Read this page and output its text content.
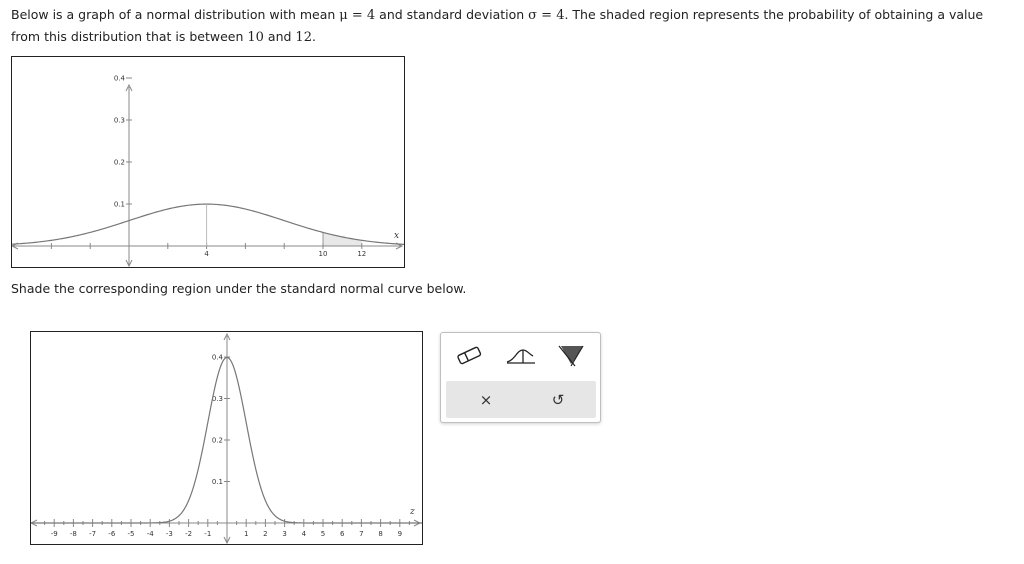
Below is a graph of a normal distribution with mean μ = 4 and standard deviation σ = 4. The shaded region represents the probability of obtaining a value from this distribution that is between 10 and 12.
4	10	12
x
0.4
0.3
0.2
0.1
Shade the corresponding region under the standard normal curve below.
-9 -8 -7 -6 -5 -4 -3 -2 -1	1 2 3 4 5 6 7 8 9
z
0.4
0.3
0.2
0.1
×	↺
